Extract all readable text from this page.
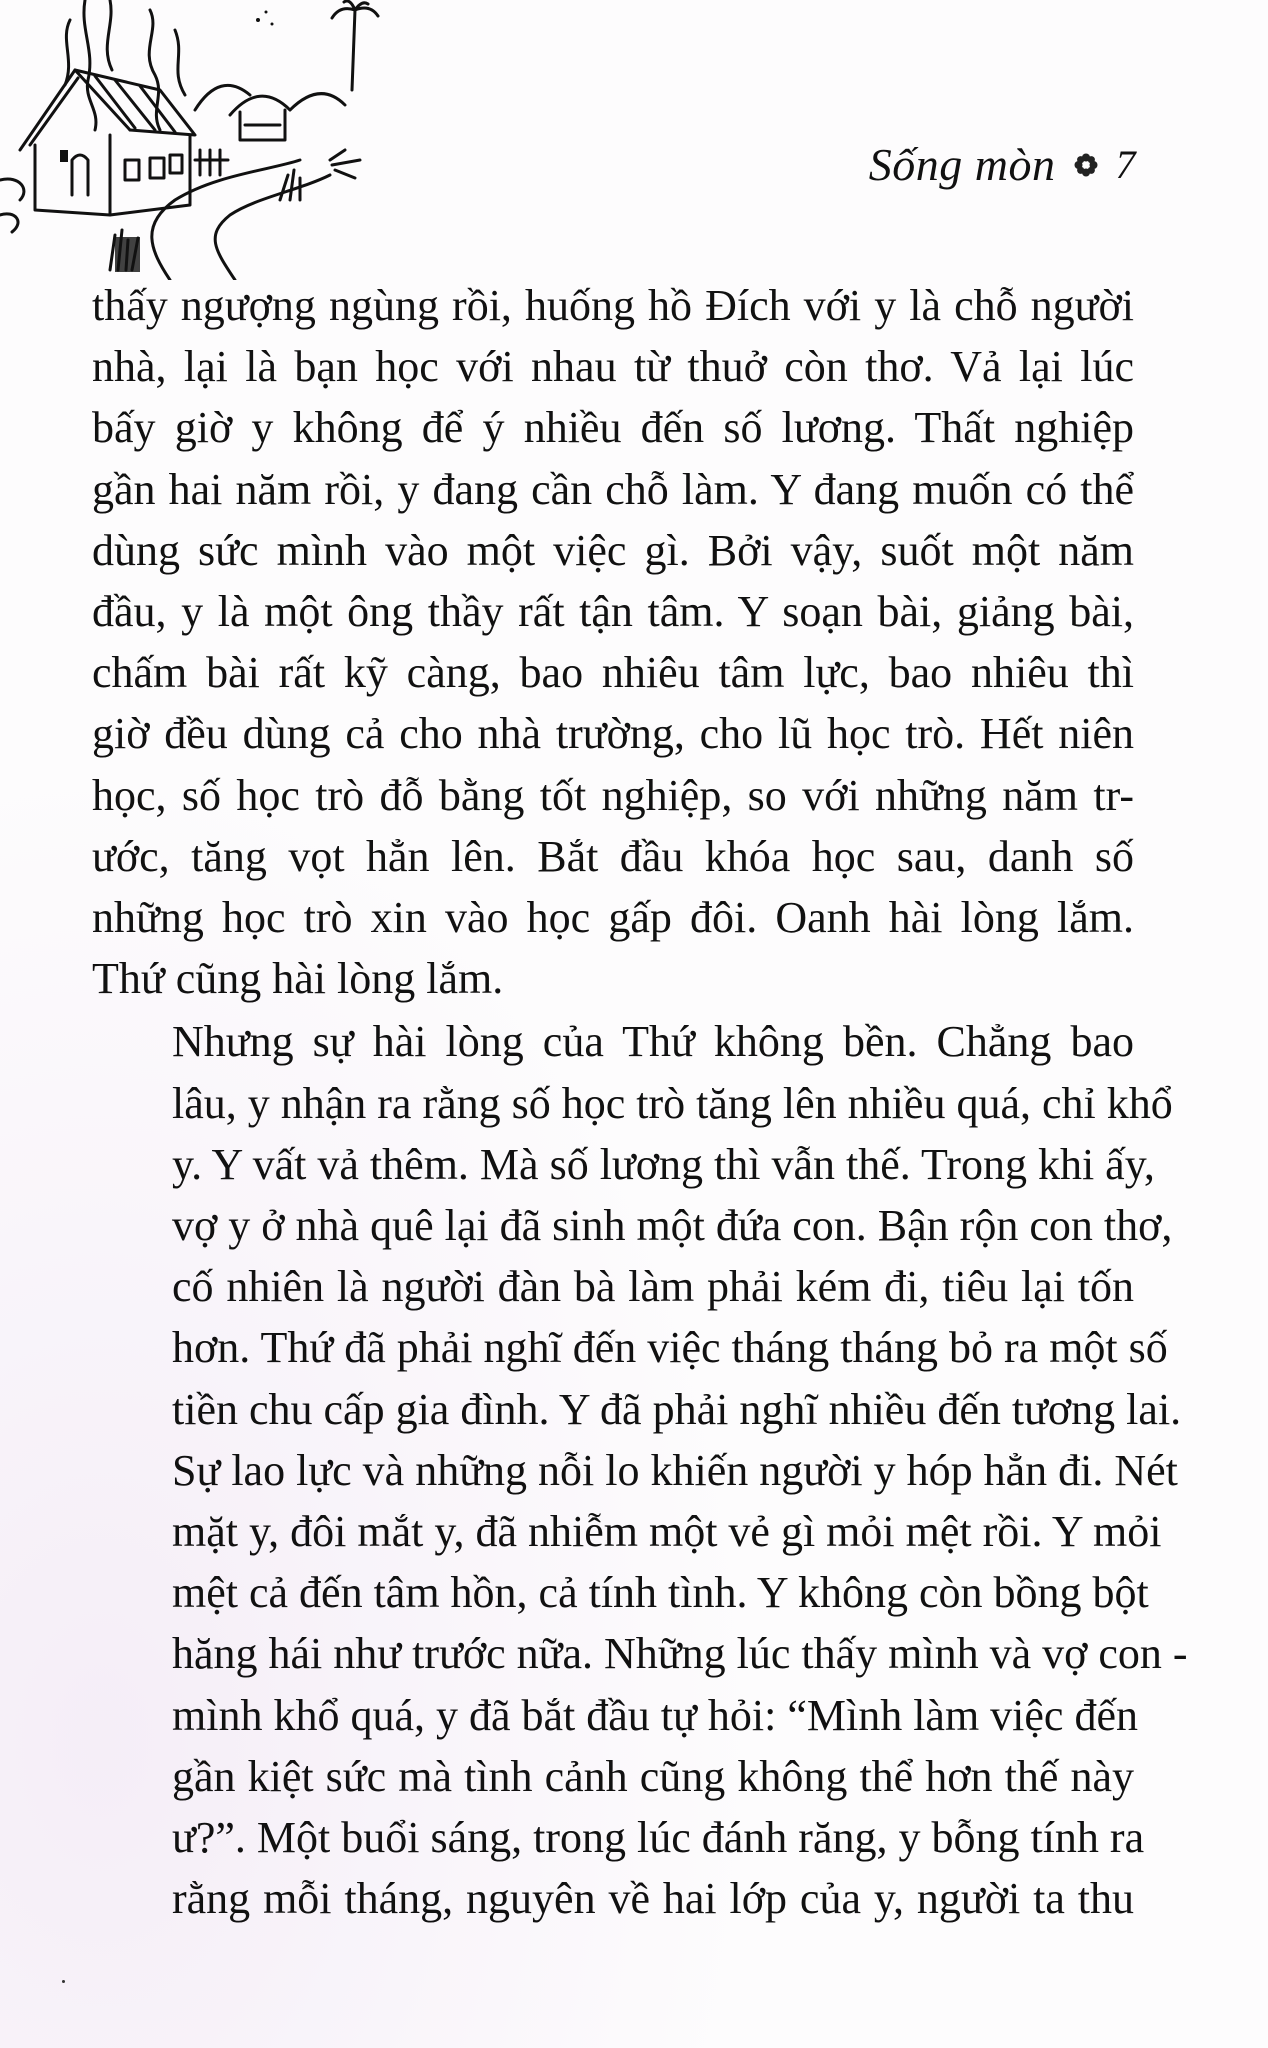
Sống mòn 7

thấy ngượng ngùng rồi, huống hồ Đích với y là chỗ người
nhà, lại là bạn học với nhau từ thuở còn thơ. Vả lại lúc
bấy giờ y không để ý nhiều đến số lương. Thất nghiệp
gần hai năm rồi, y đang cần chỗ làm. Y đang muốn có thể
dùng sức mình vào một việc gì. Bởi vậy, suốt một năm
đầu, y là một ông thầy rất tận tâm. Y soạn bài, giảng bài,
chấm bài rất kỹ càng, bao nhiêu tâm lực, bao nhiêu thì
giờ đều dùng cả cho nhà trường, cho lũ học trò. Hết niên
học, số học trò đỗ bằng tốt nghiệp, so với những năm tr-
ước, tăng vọt hẳn lên. Bắt đầu khóa học sau, danh số
những học trò xin vào học gấp đôi. Oanh hài lòng lắm.
Thứ cũng hài lòng lắm.

Nhưng sự hài lòng của Thứ không bền. Chẳng bao
lâu, y nhận ra rằng số học trò tăng lên nhiều quá, chỉ khổ
y. Y vất vả thêm. Mà số lương thì vẫn thế. Trong khi ấy,
vợ y ở nhà quê lại đã sinh một đứa con. Bận rộn con thơ,
cố nhiên là người đàn bà làm phải kém đi, tiêu lại tốn
hơn. Thứ đã phải nghĩ đến việc tháng tháng bỏ ra một số
tiền chu cấp gia đình. Y đã phải nghĩ nhiều đến tương lai.
Sự lao lực và những nỗi lo khiến người y hóp hẳn đi. Nét
mặt y, đôi mắt y, đã nhiễm một vẻ gì mỏi mệt rồi. Y mỏi
mệt cả đến tâm hồn, cả tính tình. Y không còn bồng bột
hăng hái như trước nữa. Những lúc thấy mình và vợ con -
mình khổ quá, y đã bắt đầu tự hỏi: “Mình làm việc đến
gần kiệt sức mà tình cảnh cũng không thể hơn thế này
ư?”. Một buổi sáng, trong lúc đánh răng, y bỗng tính ra
rằng mỗi tháng, nguyên về hai lớp của y, người ta thu
